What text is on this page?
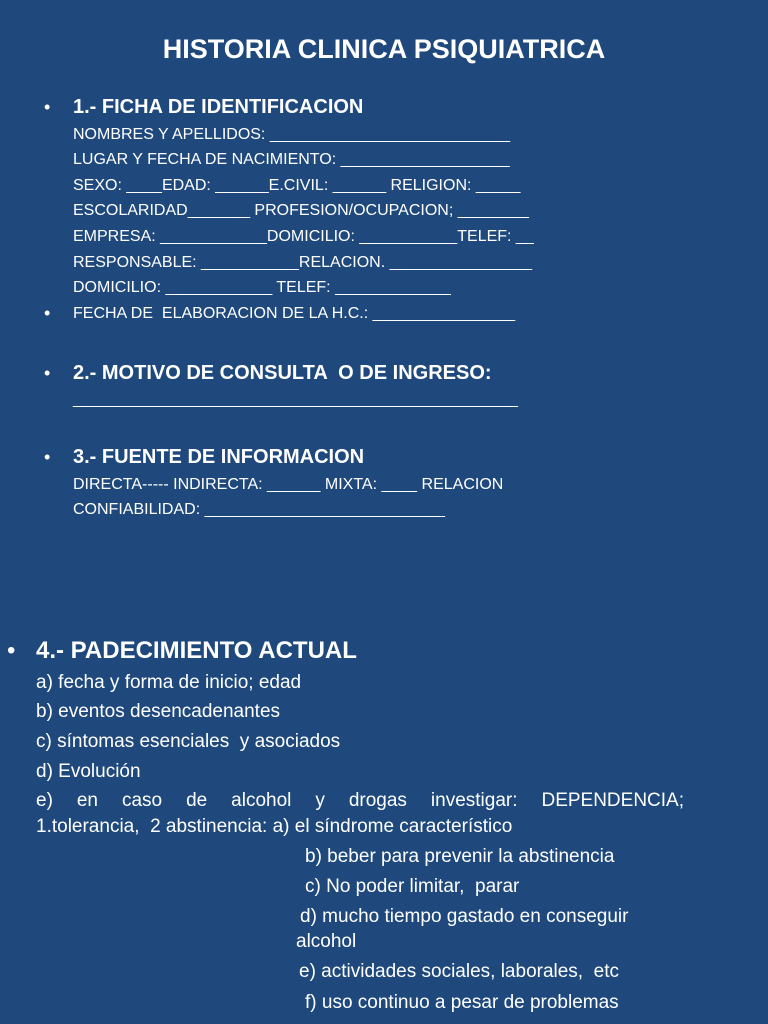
HISTORIA CLINICA PSIQUIATRICA
• 1.- FICHA DE IDENTIFICACION
NOMBRES Y APELLIDOS: ___________________________
LUGAR Y FECHA DE NACIMIENTO: ___________________
SEXO: ____EDAD: ______E.CIVIL: ______ RELIGION: _____
ESCOLARIDAD_______ PROFESION/OCUPACION; ________
EMPRESA: ____________DOMICILIO: ___________TELEF: __
RESPONSABLE: ___________RELACION. ________________
DOMICILIO: ____________ TELEF: _____________
• FECHA DE  ELABORACION DE LA H.C.: ________________
• 2.- MOTIVO DE CONSULTA  O DE INGRESO:
__________________________________________________
• 3.- FUENTE DE INFORMACION
DIRECTA----- INDIRECTA: ______ MIXTA: ____ RELACION
CONFIABILIDAD: ___________________________
• 4.- PADECIMIENTO ACTUAL
a) fecha y forma de inicio; edad
b) eventos desencadenantes
c) síntomas esenciales  y asociados
d) Evolución
e) en caso de alcohol y drogas investigar: DEPENDENCIA;
1.tolerancia,  2 abstinencia: a) el síndrome característico
b) beber para prevenir la abstinencia
c) No poder limitar,  parar
d) mucho tiempo gastado en conseguir
alcohol
e) actividades sociales, laborales,  etc
f) uso continuo a pesar de problemas
